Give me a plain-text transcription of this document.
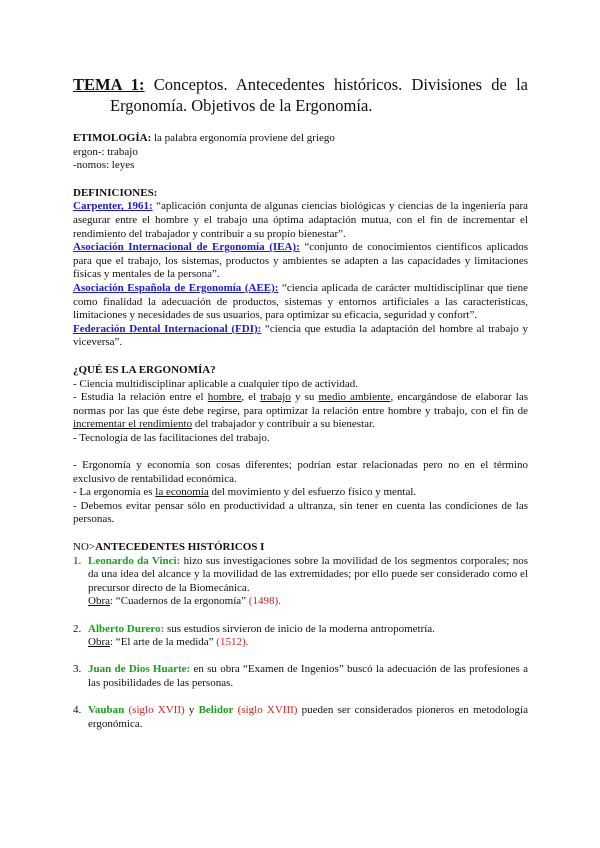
TEMA 1: Conceptos. Antecedentes históricos. Divisiones de la
Ergonomía. Objetivos de la Ergonomía.

ETIMOLOGÍA: la palabra ergonomía proviene del griego

ergon-: trabajo

-nomos: leyes

DEFINICIONES:

Carpenter, 1961: “aplicación conjunta de algunas ciencias biológicas y ciencias de la ingeniería para asegurar entre el hombre y el trabajo una óptima adaptación mutua, con el fin de incrementar el rendimiento del trabajador y contribuir a su propio bienestar”.

Asociación Internacional de Ergonomía (IEA): “conjunto de conocimientos científicos aplicados para que el trabajo, los sistemas, productos y ambientes se adapten a las capacidades y limitaciones físicas y mentales de la persona”.

Asociación Española de Ergonomía (AEE): “ciencia aplicada de carácter multidisciplinar que tiene como finalidad la adecuación de productos, sistemas y entornos artificiales a las características, limitaciones y necesidades de sus usuarios, para optimizar su eficacia, seguridad y confort”.

Federación Dental Internacional (FDI): “ciencia que estudia la adaptación del hombre al trabajo y viceversa”.

¿QUÉ ES LA ERGONOMÍA?

- Ciencia multidisciplinar aplicable a cualquier tipo de actividad.

- Estudia la relación entre el hombre, el trabajo y su medio ambiente, encargándose de elaborar las normas por las que éste debe regirse, para optimizar la relación entre hombre y trabajo, con el fin de incrementar el rendimiento del trabajador y contribuir a su bienestar.

- Tecnología de las facilitaciones del trabajo.

- Ergonomía y economía son cosas diferentes; podrían estar relacionadas pero no en el término exclusivo de rentabilidad económica.

- La ergonomía es la economía del movimiento y del esfuerzo físico y mental.

- Debemos evitar pensar sólo en productividad a ultranza, sin tener en cuenta las condiciones de las personas.

NO>ANTECEDENTES HISTÓRICOS I

1. Leonardo da Vinci: hizo sus investigaciones sobre la movilidad de los segmentos corporales; nos da una idea del alcance y la movilidad de las extremidades; por ello puede ser considerado como el precursor directo de la Biomecánica.
Obra: “Cuadernos de la ergonomía” (1498).
2. Alberto Durero: sus estudios sirvieron de inicio de la moderna antropometría.
Obra: “El arte de la medida” (1512).
3. Juan de Dios Huarte: en su obra “Examen de Ingenios” buscó la adecuación de las profesiones a las posibilidades de las personas.
4. Vauban (siglo XVII) y Belidor (siglo XVIII) pueden ser considerados pioneros en metodología ergonómica.
